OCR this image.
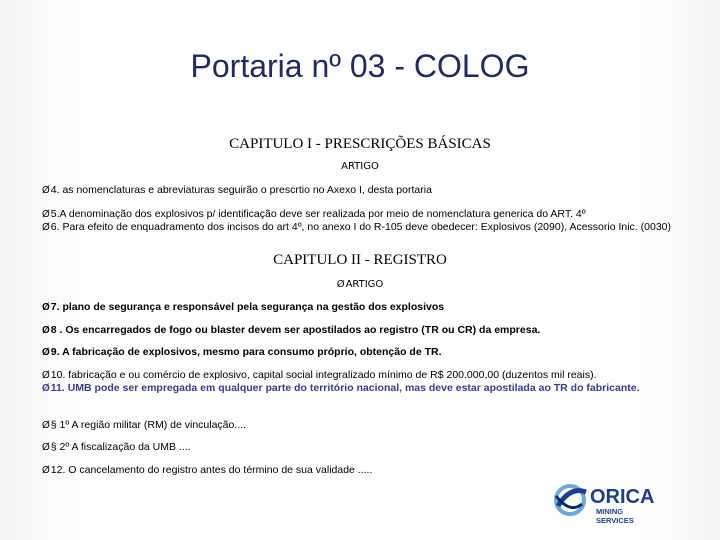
Portaria nº 03 - COLOG
CAPITULO I - PRESCRIÇÕES BÁSICAS
ARTIGO
Ø4. as nomenclaturas e abreviaturas seguirão o prescrtio no Axexo I, desta portaria
Ø5.A denominação dos explosivos p/ identificação deve ser realizada por meio de nomenclatura generica do ART. 4º
Ø6. Para efeito de enquadramento dos incisos do art 4º, no anexo I do R-105 deve obedecer: Explosivos (2090), Acessorio Inic. (0030)
CAPITULO II - REGISTRO
ØARTIGO
Ø7. plano de segurança e responsável pela segurança na gestão dos explosivos
Ø8 . Os encarregados de fogo ou blaster devem ser apostilados ao registro (TR ou CR) da empresa.
Ø9. A fabricação de explosivos, mesmo para consumo próprio, obtenção de TR.
Ø10. fabricação e ou comércio de explosivo, capital social integralizado mínimo de R$ 200.000,00 (duzentos mil reais).
Ø11. UMB pode ser empregada em qualquer parte do território nacional, mas deve estar apostilada ao TR do fabricante.
Ø§ 1º A região militar (RM) de vinculação....
Ø§ 2º A fiscalização da UMB ....
Ø12. O cancelamento do registro antes do término de sua validade .....
ORICA
MINING
SERVICES
